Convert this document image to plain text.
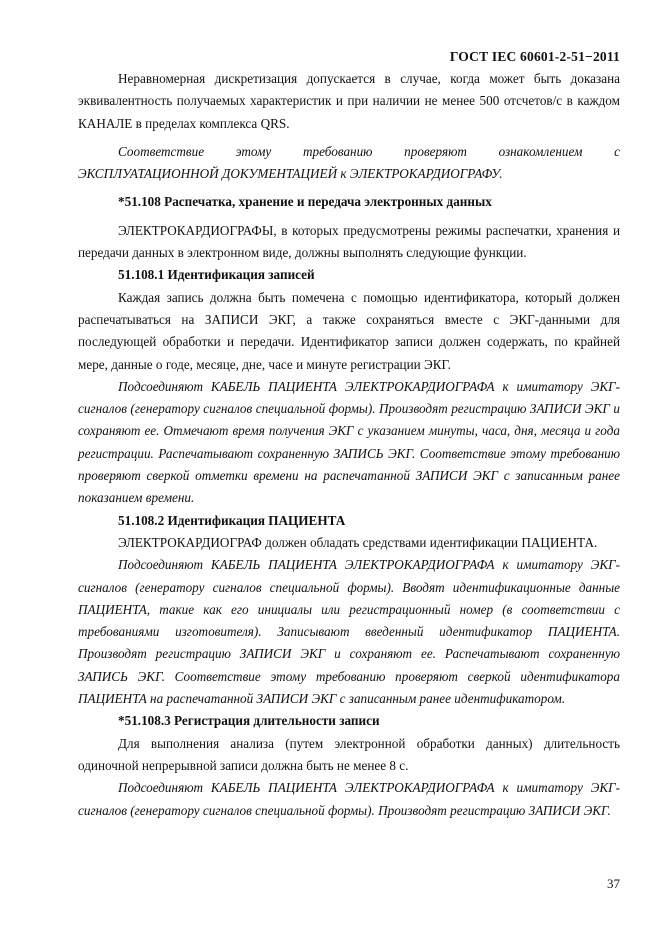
ГОСТ IEC 60601-2-51−2011

Неравномерная дискретизация допускается в случае, когда может быть доказана эквивалентность получаемых характеристик и при наличии не менее 500 отсчетов/с в каждом КАНАЛЕ в пределах комплекса QRS.

Соответствие этому требованию проверяют ознакомлением с ЭКСПЛУАТАЦИОННОЙ ДОКУМЕНТАЦИЕЙ к ЭЛЕКТРОКАРДИОГРАФУ.

*51.108 Распечатка, хранение и передача электронных данных

ЭЛЕКТРОКАРДИОГРАФЫ, в которых предусмотрены режимы распечатки, хранения и передачи данных в электронном виде, должны выполнять следующие функции.

51.108.1 Идентификация записей

Каждая запись должна быть помечена с помощью идентификатора, который должен распечатываться на ЗАПИСИ ЭКГ, а также сохраняться вместе с ЭКГ-данными для последующей обработки и передачи. Идентификатор записи должен содержать, по крайней мере, данные о годе, месяце, дне, часе и минуте регистрации ЭКГ.

Подсоединяют КАБЕЛЬ ПАЦИЕНТА ЭЛЕКТРОКАРДИОГРАФА к имитатору ЭКГ-сигналов (генератору сигналов специальной формы). Производят регистрацию ЗАПИСИ ЭКГ и сохраняют ее. Отмечают время получения ЭКГ с указанием минуты, часа, дня, месяца и года регистрации. Распечатывают сохраненную ЗАПИСЬ ЭКГ. Соответствие этому требованию проверяют сверкой отметки времени на распечатанной ЗАПИСИ ЭКГ с записанным ранее показанием времени.

51.108.2 Идентификация ПАЦИЕНТА

ЭЛЕКТРОКАРДИОГРАФ должен обладать средствами идентификации ПАЦИЕНТА.

Подсоединяют КАБЕЛЬ ПАЦИЕНТА ЭЛЕКТРОКАРДИОГРАФА к имитатору ЭКГ-сигналов (генератору сигналов специальной формы). Вводят идентификационные данные ПАЦИЕНТА, такие как его инициалы или регистрационный номер (в соответствии с требованиями изготовителя). Записывают введенный идентификатор ПАЦИЕНТА. Производят регистрацию ЗАПИСИ ЭКГ и сохраняют ее. Распечатывают сохраненную ЗАПИСЬ ЭКГ. Соответствие этому требованию проверяют сверкой идентификатора ПАЦИЕНТА на распечатанной ЗАПИСИ ЭКГ с записанным ранее идентификатором.

*51.108.3 Регистрация длительности записи

Для выполнения анализа (путем электронной обработки данных) длительность одиночной непрерывной записи должна быть не менее 8 с.

Подсоединяют КАБЕЛЬ ПАЦИЕНТА ЭЛЕКТРОКАРДИОГРАФА к имитатору ЭКГ-сигналов (генератору сигналов специальной формы). Производят регистрацию ЗАПИСИ ЭКГ.

37
